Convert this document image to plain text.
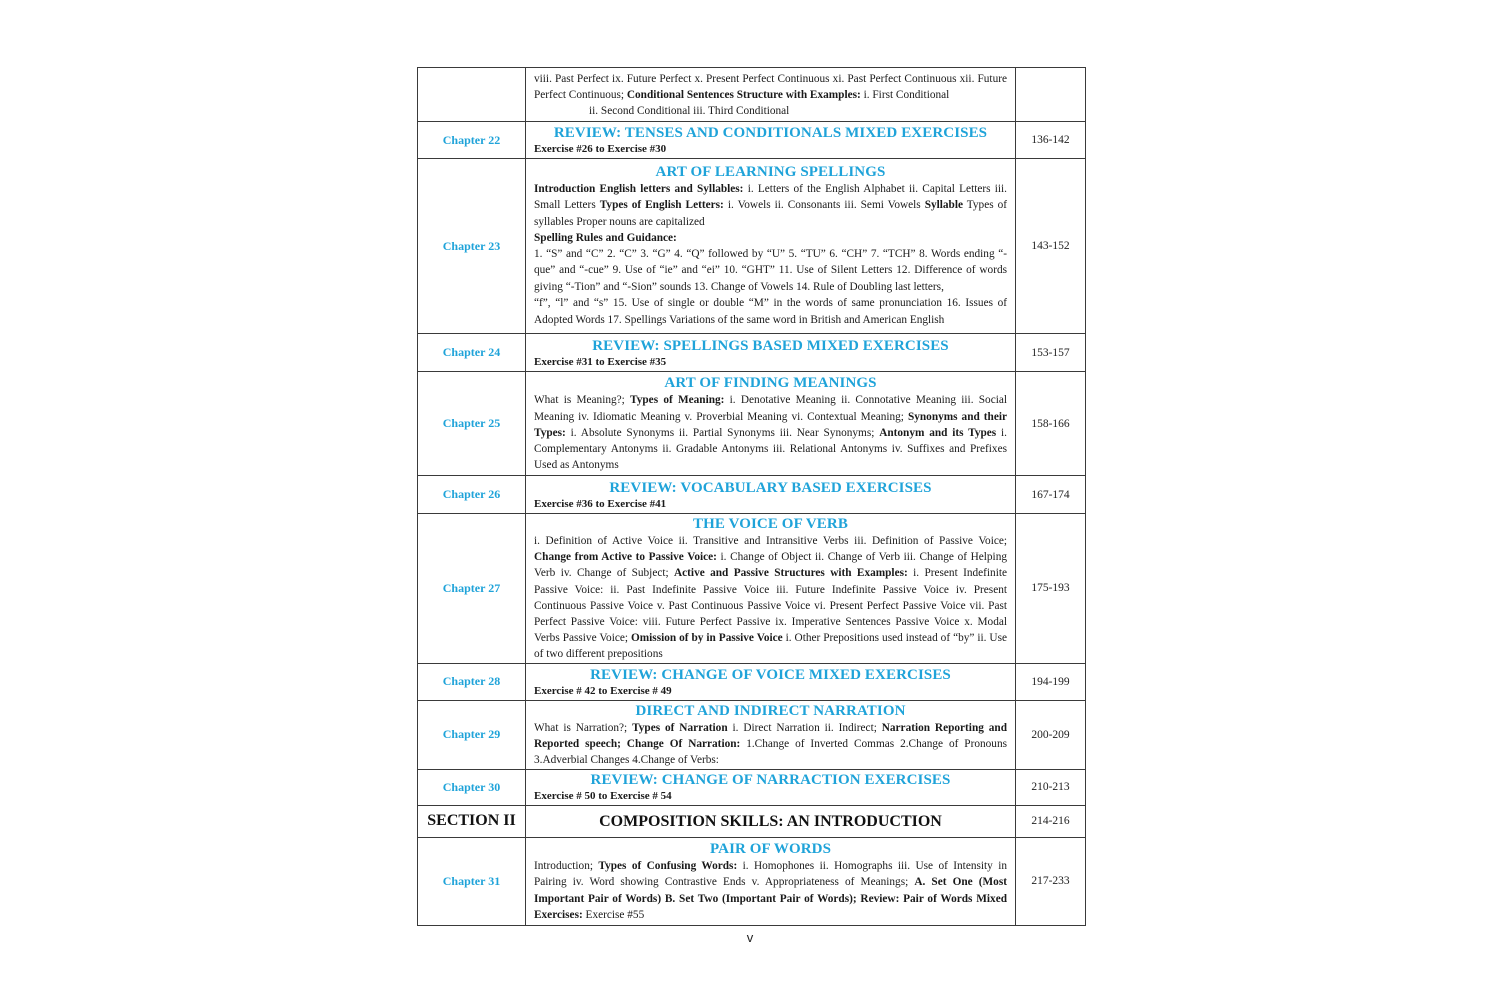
	viii. Past Perfect ix. Future Perfect x. Present Perfect Continuous xi. Past Perfect Continuous xii. Future Perfect Continuous; Conditional Sentences Structure with Examples: i. First Conditional
ii. Second Conditional iii. Third Conditional	
Chapter 22	REVIEW: TENSES AND CONDITIONALS MIXED EXERCISES
Exercise #26 to Exercise #30	136-142
Chapter 23	ART OF LEARNING SPELLINGS
Introduction English letters and Syllables: i. Letters of the English Alphabet ii. Capital Letters iii. Small Letters Types of English Letters: i. Vowels ii. Consonants iii. Semi Vowels Syllable Types of syllables Proper nouns are capitalized
Spelling Rules and Guidance:
1. “S” and “C” 2. “C” 3. “G” 4. “Q” followed by “U” 5. “TU” 6. “CH” 7. “TCH” 8. Words ending “-que” and “-cue” 9. Use of “ie” and “ei” 10. “GHT” 11. Use of Silent Letters 12. Difference of words giving “-Tion” and “-Sion” sounds 13. Change of Vowels 14. Rule of Doubling last letters,
“f”, “l” and “s” 15. Use of single or double “M” in the words of same pronunciation 16. Issues of Adopted Words 17. Spellings Variations of the same word in British and American English	143-152
Chapter 24	REVIEW: SPELLINGS BASED MIXED EXERCISES
Exercise #31 to Exercise #35	153-157
Chapter 25	ART OF FINDING MEANINGS
What is Meaning?; Types of Meaning: i. Denotative Meaning ii. Connotative Meaning iii. Social Meaning iv. Idiomatic Meaning v. Proverbial Meaning vi. Contextual Meaning; Synonyms and their Types: i. Absolute Synonyms ii. Partial Synonyms iii. Near Synonyms; Antonym and its Types i. Complementary Antonyms ii. Gradable Antonyms iii. Relational Antonyms iv. Suffixes and Prefixes Used as Antonyms	158-166
Chapter 26	REVIEW: VOCABULARY BASED EXERCISES
Exercise #36 to Exercise #41	167-174
Chapter 27	THE VOICE OF VERB
i. Definition of Active Voice ii. Transitive and Intransitive Verbs iii. Definition of Passive Voice; Change from Active to Passive Voice: i. Change of Object ii. Change of Verb iii. Change of Helping Verb iv. Change of Subject; Active and Passive Structures with Examples: i. Present Indefinite Passive Voice: ii. Past Indefinite Passive Voice iii. Future Indefinite Passive Voice iv. Present Continuous Passive Voice v. Past Continuous Passive Voice vi. Present Perfect Passive Voice vii. Past Perfect Passive Voice: viii. Future Perfect Passive ix. Imperative Sentences Passive Voice x. Modal Verbs Passive Voice; Omission of by in Passive Voice i. Other Prepositions used instead of “by” ii. Use of two different prepositions	175-193
Chapter 28	REVIEW: CHANGE OF VOICE MIXED EXERCISES
Exercise # 42 to Exercise # 49	194-199
Chapter 29	DIRECT AND INDIRECT NARRATION
What is Narration?; Types of Narration i. Direct Narration ii. Indirect; Narration Reporting and Reported speech; Change Of Narration: 1.Change of Inverted Commas 2.Change of Pronouns 3.Adverbial Changes 4.Change of Verbs:	200-209
Chapter 30	REVIEW: CHANGE OF NARRACTION EXERCISES
Exercise # 50 to Exercise # 54	210-213
SECTION II	COMPOSITION SKILLS: AN INTRODUCTION	214-216
Chapter 31	PAIR OF WORDS
Introduction; Types of Confusing Words: i. Homophones ii. Homographs iii. Use of Intensity in Pairing iv. Word showing Contrastive Ends v. Appropriateness of Meanings; A. Set One (Most Important Pair of Words) B. Set Two (Important Pair of Words); Review: Pair of Words Mixed Exercises: Exercise #55	217-233
v
